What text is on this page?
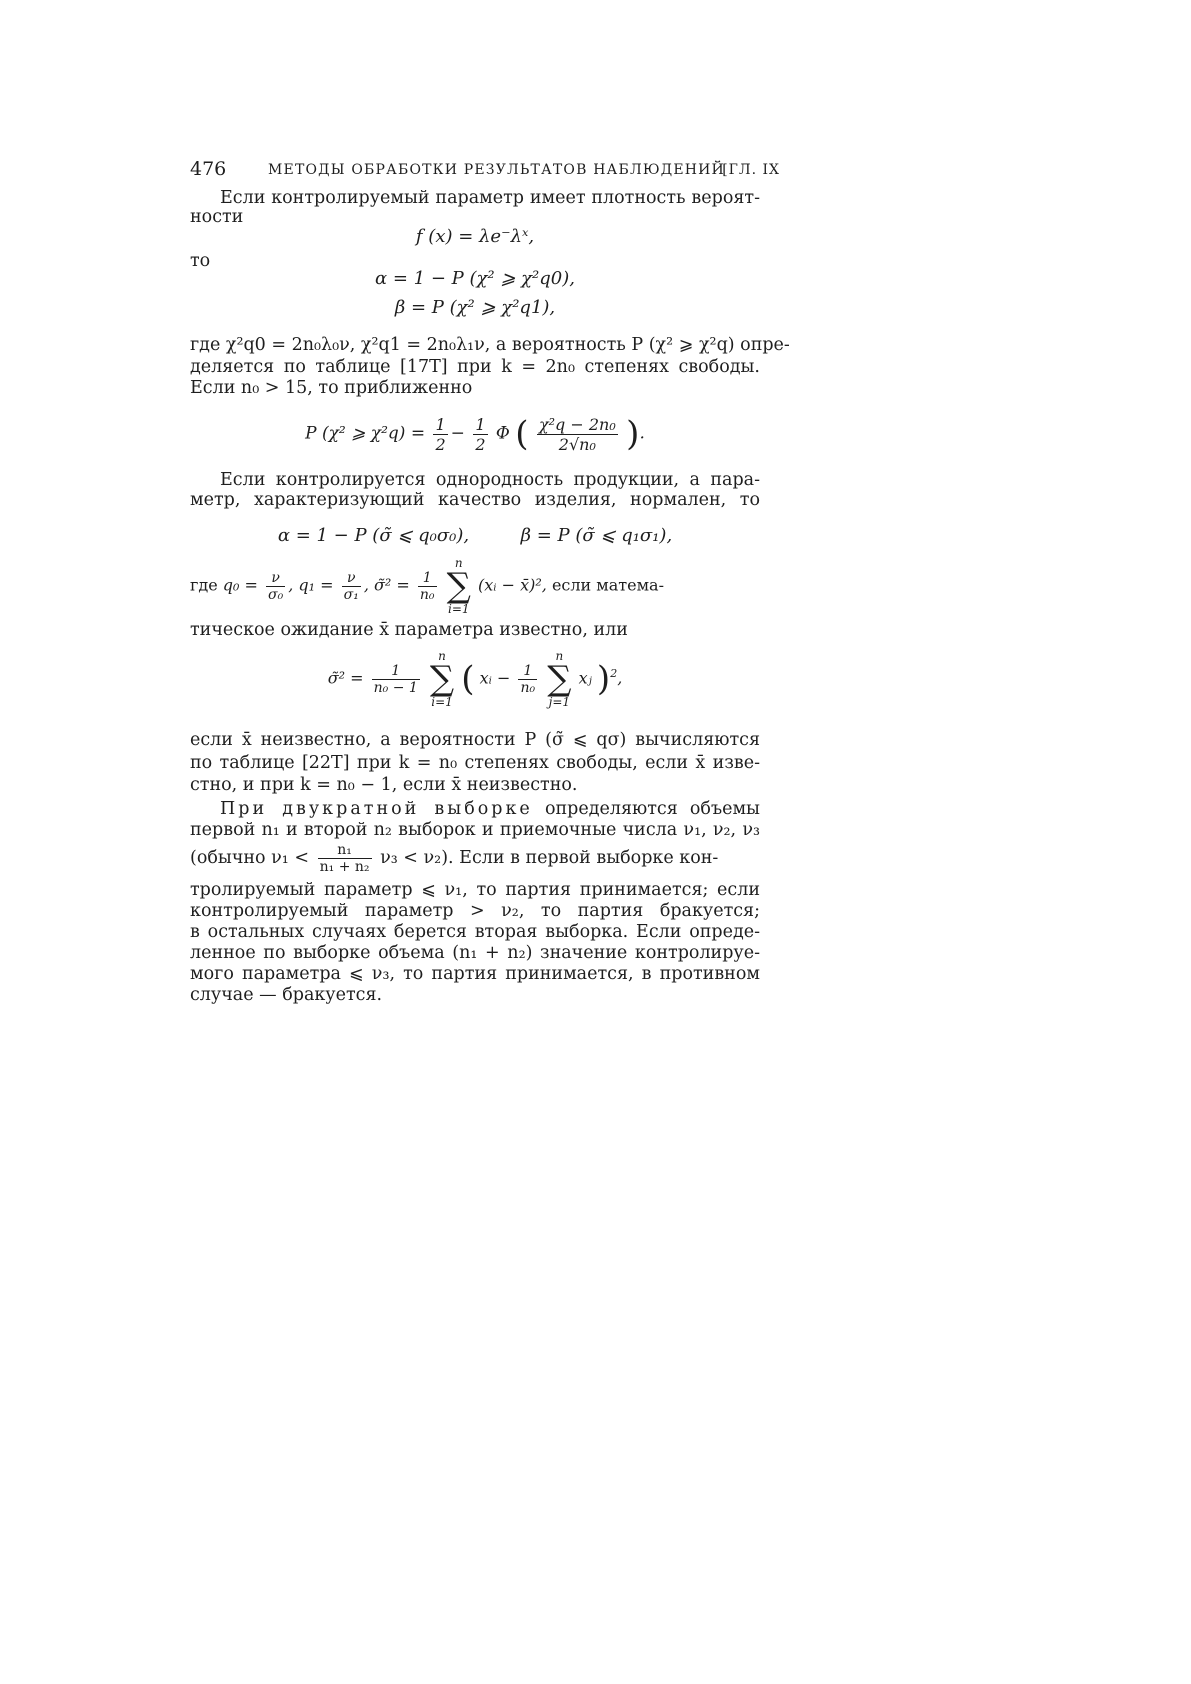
476	МЕТОДЫ ОБРАБОТКИ РЕЗУЛЬТАТОВ НАБЛЮДЕНИЙ
[ГЛ. IX
Если контролируемый параметр имеет плотность вероят-
ности
f (x) = λe⁻λˣ,
то
α = 1 − P (χ² ⩾ χ²q0),
β = P (χ² ⩾ χ²q1),
где χ²q0 = 2n₀λ₀ν, χ²q1 = 2n₀λ₁ν, а вероятность P (χ² ⩾ χ²q) опре-
деляется по таблице [17T] при k = 2n₀ степенях свободы.
Если n₀ > 15, то приближенно
P (χ² ⩾ $\chi^2q) = \frac{1}{2} - \frac{1}{2}$ Φ ( $\frac{\text{χ²q − 2n₀}}{\text{2√n₀}}$ ).
Если контролируется однородность продукции, а пара-
метр, характеризующий качество изделия, нормален, то
α = 1 − P (σ̃ ⩽ q₀σ₀),	β = P (σ̃ ⩽ q₁σ₁),
где $q_0 = \frac{\nu}{\text{σ₀}}$ , $q_1 = \frac{\nu}{\text{σ₁}}$ , σ̃² = $\frac{1}{\text{n₀}}$
n
∑
i=1 (xᵢ − x̄)², если матема-
тическое ожидание x̄ параметра известно, или
σ̃² = $\frac{1}{\text{n₀ − 1}}$
n
∑
i=1 ( xᵢ − $\frac{1}{\text{n₀}}$
n
∑
j=1 xⱼ )$^2$,
если x̄ неизвестно, а вероятности P (σ̃ ⩽ qσ) вычисляются
по таблице [22T] при k = n₀ степенях свободы, если x̄ изве-
стно, и при k = n₀ − 1, если x̄ неизвестно.
При двукратной выборке определяются объемы
первой n₁ и второй n₂ выборок и приемочные числа ν₁, ν₂, ν₃
(обычно $\nu_1 < \frac{\text{n₁}}{\text{n₁ + n₂}} \nu_3 < \nu_2$). Если в первой выборке кон-
тролируемый параметр ⩽ ν₁, то партия принимается; если
контролируемый параметр > ν₂, то партия бракуется;
в остальных случаях берется вторая выборка. Если опреде-
ленное по выборке объема (n₁ + n₂) значение контролируе-
мого параметра ⩽ ν₃, то партия принимается, в противном
случае — бракуется.
